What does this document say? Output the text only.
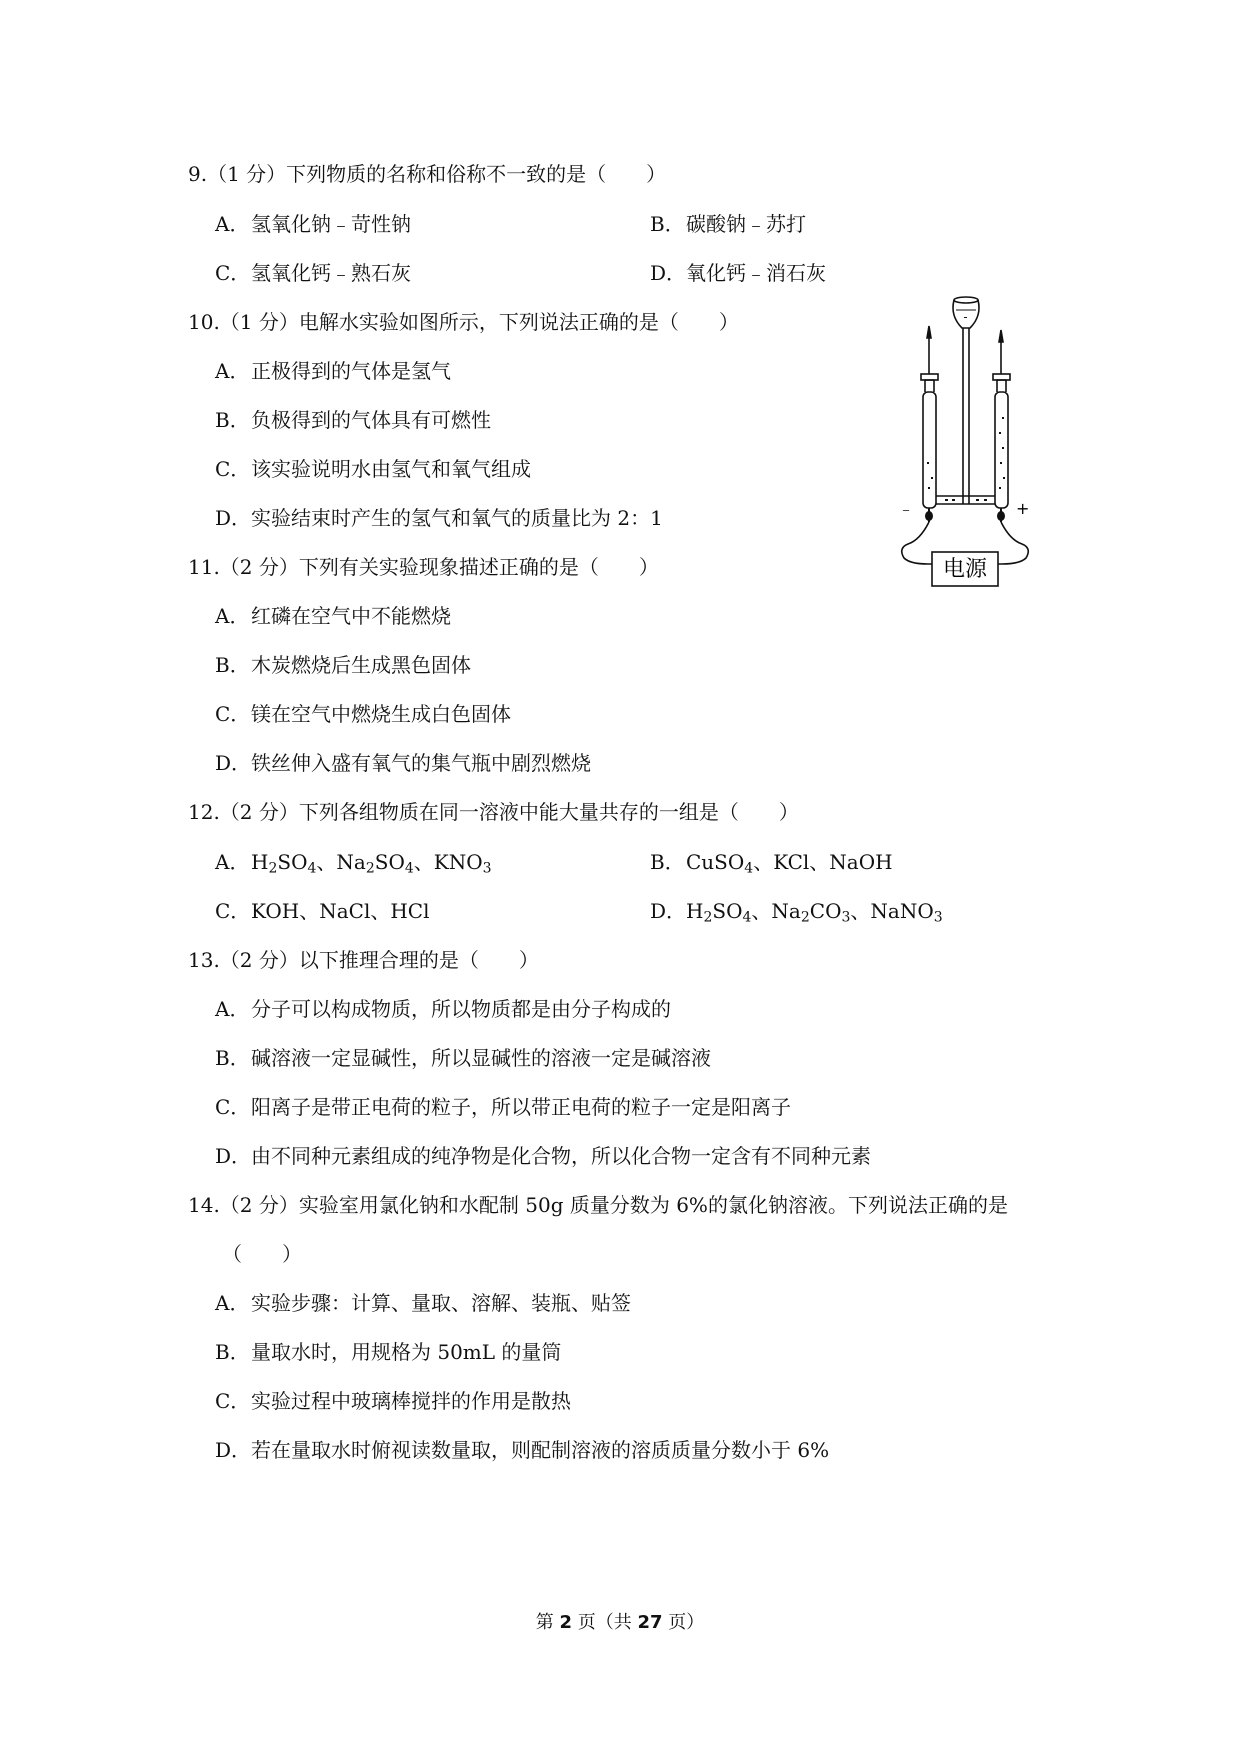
9.（1 分）下列物质的名称和俗称不一致的是（　　）
A．氢氧化钠﹣苛性钠	B．碳酸钠﹣苏打
C．氢氧化钙﹣熟石灰	D．氧化钙﹣消石灰
10.（1 分）电解水实验如图所示，下列说法正确的是（　　）
A．正极得到的气体是氢气
B．负极得到的气体具有可燃性
C．该实验说明水由氢气和氧气组成
D．实验结束时产生的氢气和氧气的质量比为 2：1	﹣	+
电源
11.（2 分）下列有关实验现象描述正确的是（　　）
A．红磷在空气中不能燃烧
B．木炭燃烧后生成黑色固体
C．镁在空气中燃烧生成白色固体
D．铁丝伸入盛有氧气的集气瓶中剧烈燃烧
12.（2 分）下列各组物质在同一溶液中能大量共存的一组是（　　）
A．$H_2SO_4$、$Na_2SO_4$、$KNO_3$	B．CuSO$_4$、KCl、NaOH
C．KOH、NaCl、HCl	D．$H_2SO_4$、$Na_2CO_3$、NaNO$_3$
13.（2 分）以下推理合理的是（　　）
A．分子可以构成物质，所以物质都是由分子构成的
B．碱溶液一定显碱性，所以显碱性的溶液一定是碱溶液
C．阳离子是带正电荷的粒子，所以带正电荷的粒子一定是阳离子
D．由不同种元素组成的纯净物是化合物，所以化合物一定含有不同种元素
14.（2 分）实验室用氯化钠和水配制 50g 质量分数为 6%的氯化钠溶液。下列说法正确的是
（　　）
A．实验步骤：计算、量取、溶解、装瓶、贴签
B．量取水时，用规格为 50mL 的量筒
C．实验过程中玻璃棒搅拌的作用是散热
D．若在量取水时俯视读数量取，则配制溶液的溶质质量分数小于 6%
第 2 页（共 27 页）
